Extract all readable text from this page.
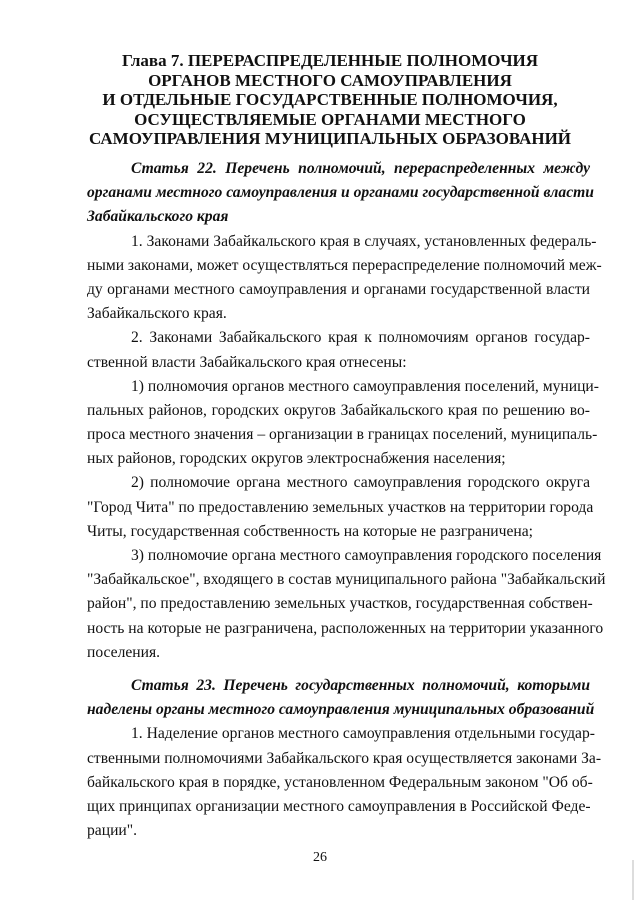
Глава 7. ПЕРЕРАСПРЕДЕЛЕННЫЕ ПОЛНОМОЧИЯ
ОРГАНОВ МЕСТНОГО САМОУПРАВЛЕНИЯ
И ОТДЕЛЬНЫЕ ГОСУДАРСТВЕННЫЕ ПОЛНОМОЧИЯ,
ОСУЩЕСТВЛЯЕМЫЕ ОРГАНАМИ МЕСТНОГО
САМОУПРАВЛЕНИЯ МУНИЦИПАЛЬНЫХ ОБРАЗОВАНИЙ
Статья 22. Перечень полномочий, перераспределенных между
органами местного самоуправления и органами государственной власти
Забайкальского края
1. Законами Забайкальского края в случаях, установленных федераль-
ными законами, может осуществляться перераспределение полномочий меж-
ду органами местного самоуправления и органами государственной власти
Забайкальского края.
2. Законами Забайкальского края к полномочиям органов государ-
ственной власти Забайкальского края отнесены:
1) полномочия органов местного самоуправления поселений, муници-
пальных районов, городских округов Забайкальского края по решению во-
проса местного значения – организации в границах поселений, муниципаль-
ных районов, городских округов электроснабжения населения;
2) полномочие органа местного самоуправления городского округа
"Город Чита" по предоставлению земельных участков на территории города
Читы, государственная собственность на которые не разграничена;
3) полномочие органа местного самоуправления городского поселения
"Забайкальское", входящего в состав муниципального района "Забайкальский
район", по предоставлению земельных участков, государственная собствен-
ность на которые не разграничена, расположенных на территории указанного
поселения.
Статья 23. Перечень государственных полномочий, которыми
наделены органы местного самоуправления муниципальных образований
1. Наделение органов местного самоуправления отдельными государ-
ственными полномочиями Забайкальского края осуществляется законами За-
байкальского края в порядке, установленном Федеральным законом "Об об-
щих принципах организации местного самоуправления в Российской Феде-
рации".
26
